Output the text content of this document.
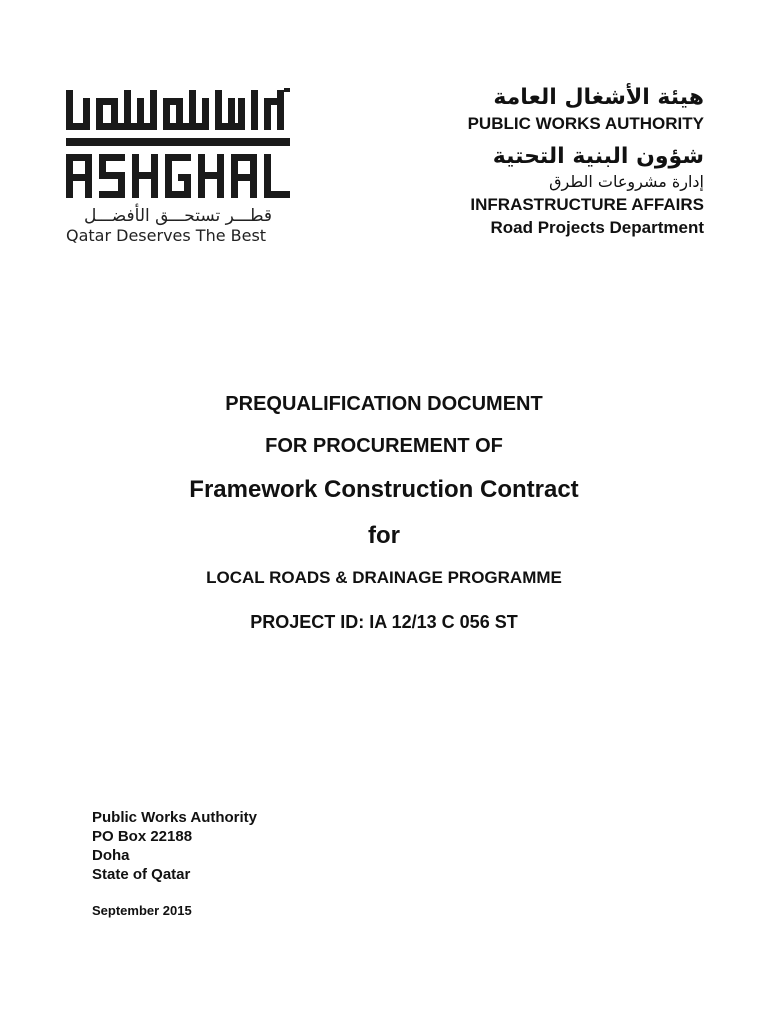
قطـــر تستحـــق الأفضـــل
Qatar Deserves The Best
هيئة الأشغال العامة
PUBLIC WORKS AUTHORITY
شؤون البنية التحتية
إدارة مشروعات الطرق
INFRASTRUCTURE AFFAIRS
Road Projects Department
PREQUALIFICATION DOCUMENT
FOR PROCUREMENT OF
Framework Construction Contract
for
LOCAL ROADS & DRAINAGE PROGRAMME
PROJECT ID: IA 12/13 C 056 ST
Public Works Authority
PO Box 22188
Doha
State of Qatar
September 2015
